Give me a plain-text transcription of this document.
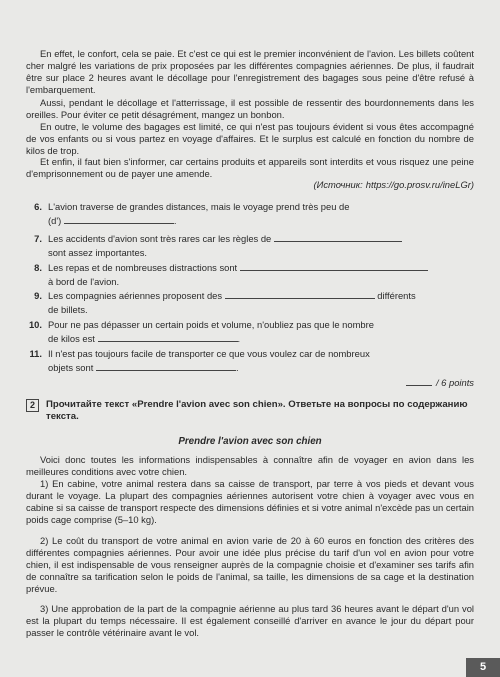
En effet, le confort, cela se paie. Et c'est ce qui est le premier inconvénient de l'avion. Les billets coûtent cher malgré les variations de prix proposées par les différentes compagnies aériennes. De plus, il faudrait être sur place 2 heures avant le décollage pour l'enregistrement des bagages sous peine d'être refusé à l'embarquement.

Aussi, pendant le décollage et l'atterrissage, il est possible de ressentir des bourdonnements dans les oreilles. Pour éviter ce petit désagrément, mangez un bonbon.

En outre, le volume des bagages est limité, ce qui n'est pas toujours évident si vous êtes accompagné de vos enfants ou si vous partez en voyage d'affaires. Et le surplus est calculé en fonction du nombre de kilos de trop.

Et enfin, il faut bien s'informer, car certains produits et appareils sont interdits et vous risquez une peine d'emprisonnement ou de payer une amende.

(Источник: https://go.prosv.ru/ineLGr)

6. L'avion traverse de grandes distances, mais le voyage prend très peu de
(d')	.

7. Les accidents d'avion sont très rares car les règles de
sont assez importantes.

8. Les repas et de nombreuses distractions sont
à bord de l'avion.

9. Les compagnies aériennes proposent des	différents
de billets.

10. Pour ne pas dépasser un certain poids et volume, n'oubliez pas que le nombre
de kilos est	.

11. Il n'est pas toujours facile de transporter ce que vous voulez car de nombreux
objets sont	.

/ 6 points
2	Прочитайте текст «Prendre l'avion avec son chien». Ответьте на вопросы по содержанию текста.

Prendre l'avion avec son chien

Voici donc toutes les informations indispensables à connaître afin de voyager en avion dans les meilleures conditions avec votre chien.

1) En cabine, votre animal restera dans sa caisse de transport, par terre à vos pieds et devant vous durant le voyage. La plupart des compagnies aériennes autorisent votre chien à voyager avec vous en cabine si sa caisse de transport respecte des dimensions définies et si votre animal n'excède pas un certain poids cage comprise (5–10 kg).

2) Le coût du transport de votre animal en avion varie de 20 à 60 euros en fonction des critères des différentes compagnies aériennes. Pour avoir une idée plus précise du tarif d'un vol en avion pour votre chien, il est indispensable de vous renseigner auprès de la compagnie choisie et d'examiner ses tarifs afin de connaître sa tarification selon le poids de l'animal, sa taille, les dimensions de sa cage et la destination prévue.

3) Une approbation de la part de la compagnie aérienne au plus tard 36 heures avant le départ d'un vol est la plupart du temps nécessaire. Il est également conseillé d'arriver en avance le jour du départ pour passer le contrôle vétérinaire avant le vol.

5
